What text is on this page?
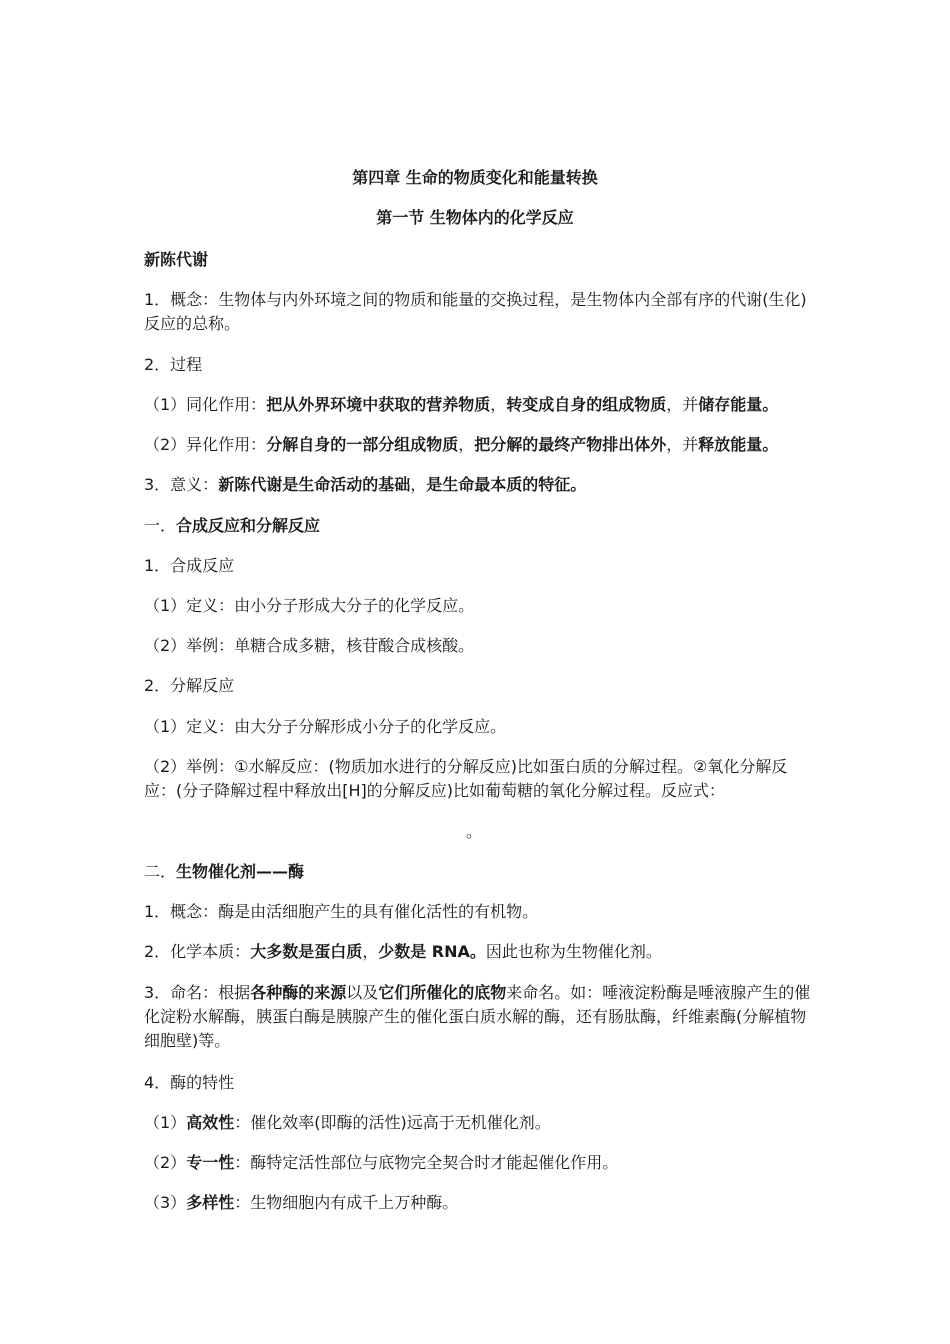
第四章 生命的物质变化和能量转换
第一节 生物体内的化学反应
新陈代谢
1．概念：生物体与内外环境之间的物质和能量的交换过程，是生物体内全部有序的代谢(生化)反应的总称。
2．过程
（1）同化作用：把从外界环境中获取的营养物质，转变成自身的组成物质，并储存能量。
（2）异化作用：分解自身的一部分组成物质，把分解的最终产物排出体外，并释放能量。
3．意义：新陈代谢是生命活动的基础，是生命最本质的特征。
一．合成反应和分解反应
1．合成反应
（1）定义：由小分子形成大分子的化学反应。
（2）举例：单糖合成多糖，核苷酸合成核酸。
2．分解反应
（1）定义：由大分子分解形成小分子的化学反应。
（2）举例：①水解反应：(物质加水进行的分解反应)比如蛋白质的分解过程。②氧化分解反应：(分子降解过程中释放出[H]的分解反应)比如葡萄糖的氧化分解过程。反应式：
。
二．生物催化剂——酶
1．概念：酶是由活细胞产生的具有催化活性的有机物。
2．化学本质：大多数是蛋白质，少数是 RNA。因此也称为生物催化剂。
3．命名：根据各种酶的来源以及它们所催化的底物来命名。如：唾液淀粉酶是唾液腺产生的催化淀粉水解酶，胰蛋白酶是胰腺产生的催化蛋白质水解的酶，还有肠肽酶，纤维素酶(分解植物细胞壁)等。
4．酶的特性
（1）高效性：催化效率(即酶的活性)远高于无机催化剂。
（2）专一性：酶特定活性部位与底物完全契合时才能起催化作用。
（3）多样性：生物细胞内有成千上万种酶。
